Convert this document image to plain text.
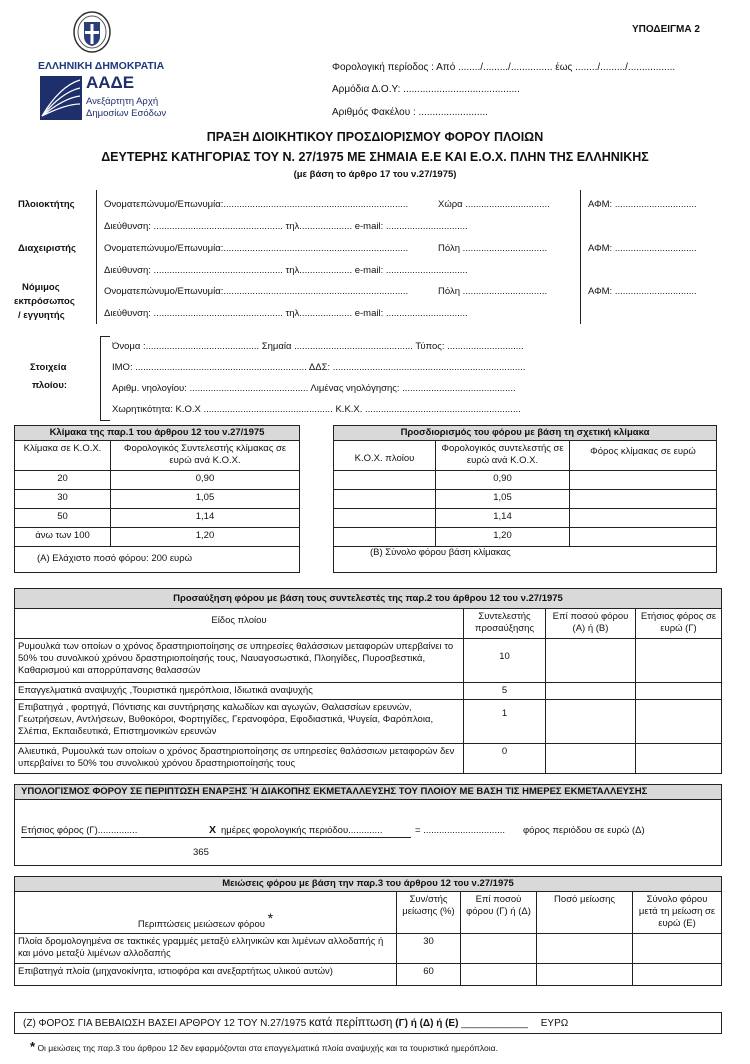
ΥΠΟΔΕΙΓΜΑ 2
ΕΛΛΗΝΙΚΗ ΔΗΜΟΚΡΑΤΙΑ
ΑΑΔΕ
Ανεξάρτητη Αρχή
Δημοσίων Εσόδων
Φορολογική περίοδος : Από ......../........./............... έως ......../........./.................
Αρμόδια Δ.Ο.Υ: ..........................................
Αριθμός Φακέλου : .........................
ΠΡΑΞΗ ΔΙΟΙΚΗΤΙΚΟΥ ΠΡΟΣΔΙΟΡΙΣΜΟΥ ΦΟΡΟΥ ΠΛΟΙΩΝ
ΔΕΥΤΕΡΗΣ ΚΑΤΗΓΟΡΙΑΣ ΤΟΥ Ν. 27/1975 ΜΕ ΣΗΜΑΙΑ Ε.Ε ΚΑΙ Ε.Ο.Χ. ΠΛΗΝ ΤΗΣ ΕΛΛΗΝΙΚΗΣ
(με βάση το άρθρο 17 του ν.27/1975)
Πλοιοκτήτης	Ονοματεπώνυμο/Επωνυμία:......................................................................	Χώρα ................................	ΑΦΜ: ...............................
Διεύθυνση: ................................................. τηλ.................... e-mail: ...............................
Διαχειριστής	Ονοματεπώνυμο/Επωνυμία:......................................................................	Πόλη ................................	ΑΦΜ: ...............................
Διεύθυνση: ................................................. τηλ.................... e-mail: ...............................
Νόμιμος
εκπρόσωπος
/ εγγυητής
Ονοματεπώνυμο/Επωνυμία:......................................................................	Πόλη ................................	ΑΦΜ: ...............................
Διεύθυνση: ................................................. τηλ.................... e-mail: ...............................
Στοιχεία
πλοίου:
Όνομα :........................................... Σημαία ............................................. Τύπος: .............................
ΙΜΟ: ................................................................. ΔΔΣ: .........................................................................
Αριθμ. νηολογίου: ............................................. Λιμένας νηολόγησης: ...........................................
Χωρητικότητα: Κ.Ο.Χ ................................................. Κ.Κ.Χ. ...........................................................
Κλίμακα της παρ.1 του άρθρου 12 του ν.27/1975	
Κλίμακα σε Κ.Ο.Χ.	Φορολογικός Συντελεστής κλίμακας σε ευρώ ανά Κ.Ο.Χ.
20	0,90
30	1,05
50	1,14
άνω των 100	1,20
(Α) Ελάχιστο ποσό φόρου: 200 ευρώ	
Προσδιορισμός του φόρου με βάση τη σχετική κλίμακα		
Κ.Ο.Χ. πλοίου	Φορολογικός συντελεστής σε ευρώ ανά Κ.Ο.Χ.	Φόρος κλίμακας σε ευρώ
	0,90	
	1,05	
	1,14	
	1,20	
(Β) Σύνολο φόρου βάση κλίμακας		
Προσαύξηση φόρου με βάση τους συντελεστές της παρ.2 του άρθρου 12 του ν.27/1975			
Είδος πλοίου	Συντελεστής προσαύξησης	Επί ποσού φόρου (Α) ή (Β)	Ετήσιος φόρος σε ευρώ (Γ)
Ρυμουλκά των οποίων ο χρόνος δραστηριοποίησης σε υπηρεσίες θαλάσσιων μεταφορών υπερβαίνει το 50% του συνολικού χρόνου δραστηριοποίησής τους, Ναυαγοσωστικά, Πλοηγίδες, Πυροσβεστικά, Καθαρισμού και απορρύπανσης θαλασσών	10		
Επαγγελματικά αναψυχής ,Τουριστικά ημερόπλοια, Ιδιωτικά αναψυχής	5		
Επιβατηγά , φορτηγά, Πόντισης και συντήρησης καλωδίων και αγωγών, Θαλασσίων ερευνών, Γεωτρήσεων, Αντλήσεων, Βυθοκόροι, Φορτηγίδες, Γερανοφόρα, Εφοδιαστικά, Ψυγεία, Φαρόπλοια, Σλέπια, Εκπαιδευτικά, Επιστημονικών ερευνών	1		
Αλιευτικά, Ρυμουλκά των οποίων ο χρόνος δραστηριοποίησης σε υπηρεσίες θαλάσσιων μεταφορών δεν υπερβαίνει το 50% του συνολικού χρόνου δραστηριοποίησής τους	0		
ΥΠΟΛΟΓΙΣΜΟΣ ΦΟΡΟΥ ΣΕ ΠΕΡΙΠΤΩΣΗ ΕΝΑΡΞΗΣ Ή ΔΙΑΚΟΠΗΣ ΕΚΜΕΤΑΛΛΕΥΣΗΣ ΤΟΥ ΠΛΟΙΟΥ ΜΕ ΒΑΣΗ ΤΙΣ ΗΜΕΡΕΣ ΕΚΜΕΤΑΛΛΕΥΣΗΣ
Ετήσιος φόρος (Γ)...............	Χ ημέρες φορολογικής περιόδου.............	= ............................... φόρος περιόδου σε ευρώ (Δ)
365
Μειώσεις φόρου με βάση την παρ.3 του άρθρου 12 του ν.27/1975				
Περιπτώσεις μειώσεων φόρου *	Συν/στής μείωσης (%)	Επί ποσού φόρου (Γ) ή (Δ)	Ποσό μείωσης	Σύνολο φόρου μετά τη μείωση σε ευρώ (Ε)
Πλοία δρομολογημένα σε τακτικές γραμμές μεταξύ ελληνικών και λιμένων αλλοδαπής ή και μόνο μεταξύ λιμένων αλλοδαπής	30			
Επιβατηγά πλοία (μηχανοκίνητα, ιστιοφόρα και ανεξαρτήτως υλικού αυτών)	60			
(Ζ) ΦΟΡΟΣ ΓΙΑ ΒΕΒΑΙΩΣΗ ΒΑΣΕΙ ΑΡΘΡΟΥ 12 ΤΟΥ Ν.27/1975 κατά περίπτωση (Γ) ή (Δ) ή (Ε) ____________ ΕΥΡΩ
* Οι μειώσεις της παρ.3 του άρθρου 12 δεν εφαρμόζονται στα επαγγελματικά πλοία αναψυχής και τα τουριστικά ημερόπλοια.
